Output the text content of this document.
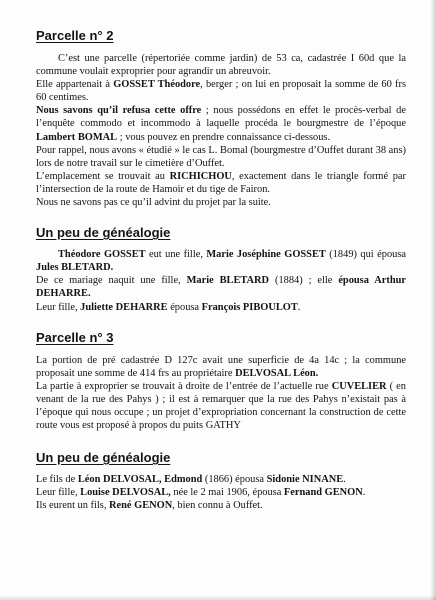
Parcelle n° 2

C’est une parcelle (répertoriée comme jardin) de 53 ca, cadastrée I 60d que la commune voulait exproprier pour agrandir un abreuvoir.

Elle appartenait à GOSSET Théodore, berger ; on lui en proposait la somme de 60 frs 60 centimes.

Nous savons qu’il refusa cette offre ; nous possédons en effet le procès-verbal de l’enquête commodo et incommodo à laquelle procéda le bourgmestre de l’époque Lambert BOMAL ; vous pouvez en prendre connaissance ci-dessous.

Pour rappel, nous avons « étudié » le cas L. Bomal (bourgmestre d’Ouffet durant 38 ans) lors de notre travail sur le cimetière d’Ouffet.

L’emplacement se trouvait au RICHICHOU, exactement dans le triangle formé par l’intersection de la route de Hamoir et du tige de Fairon.

Nous ne savons pas ce qu’il advint du projet par la suite.

Un peu de généalogie

Théodore GOSSET eut une fille, Marie Joséphine GOSSET (1849) qui épousa Jules BLETARD.

De ce mariage naquit une fille, Marie BLETARD (1884) ; elle épousa Arthur DEHARRE.

Leur fille, Juliette DEHARRE épousa François PIBOULOT.

Parcelle n° 3

La portion de pré cadastrée D 127c avait une superficie de 4a 14c ; la commune proposait une somme de 414 frs au propriétaire DELVOSAL Léon.

La partie à exproprier se trouvait à droite de l’entrée de l’actuelle rue CUVELIER ( en venant de la rue des Pahys ) ; il est à remarquer que la rue des Pahys n’existait pas à l’époque qui nous occupe ; un projet d’expropriation concernant la construction de cette route vous est proposé à propos du puits GATHY

Un peu de généalogie

Le fils de Léon DELVOSAL, Edmond (1866) épousa Sidonie NINANE.

Leur fille, Louise DELVOSAL, née le 2 mai 1906, épousa Fernand GENON.

Ils eurent un fils, René GENON, bien connu à Ouffet.
